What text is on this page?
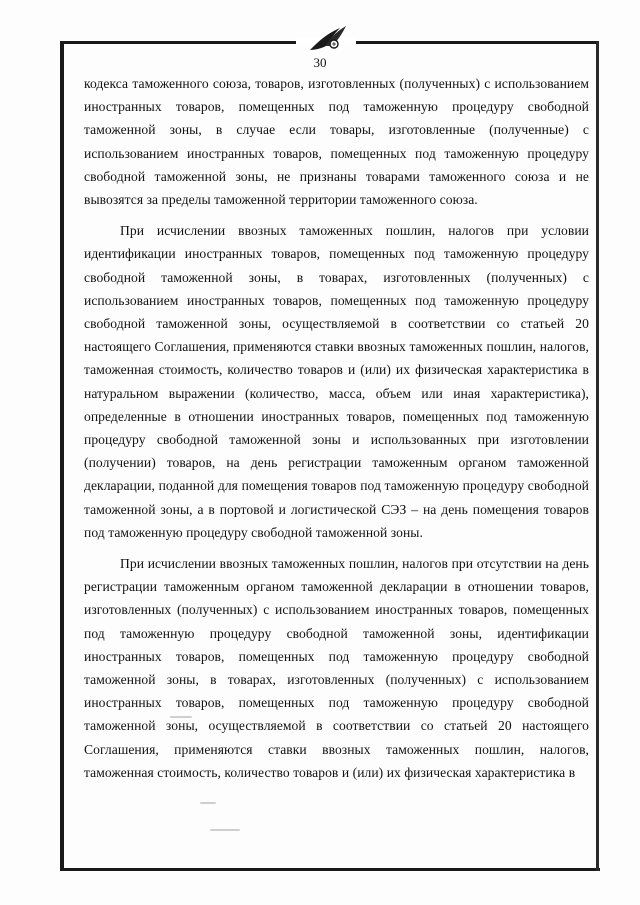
30

кодекса таможенного союза, товаров, изготовленных (полученных) с использованием иностранных товаров, помещенных под таможенную процедуру свободной таможенной зоны, в случае если товары, изготовленные (полученные) с использованием иностранных товаров, помещенных под таможенную процедуру свободной таможенной зоны, не признаны товарами таможенного союза и не вывозятся за пределы таможенной территории таможенного союза.

При исчислении ввозных таможенных пошлин, налогов при условии идентификации иностранных товаров, помещенных под таможенную процедуру свободной таможенной зоны, в товарах, изготовленных (полученных) с использованием иностранных товаров, помещенных под таможенную процедуру свободной таможенной зоны, осуществляемой в соответствии со статьей 20 настоящего Соглашения, применяются ставки ввозных таможенных пошлин, налогов, таможенная стоимость, количество товаров и (или) их физическая характеристика в натуральном выражении (количество, масса, объем или иная характеристика), определенные в отношении иностранных товаров, помещенных под таможенную процедуру свободной таможенной зоны и использованных при изготовлении (получении) товаров, на день регистрации таможенным органом таможенной декларации, поданной для помещения товаров под таможенную процедуру свободной таможенной зоны, а в портовой и логистической СЭЗ – на день помещения товаров под таможенную процедуру свободной таможенной зоны.

При исчислении ввозных таможенных пошлин, налогов при отсутствии на день регистрации таможенным органом таможенной декларации в отношении товаров, изготовленных (полученных) с использованием иностранных товаров, помещенных под таможенную процедуру свободной таможенной зоны, идентификации иностранных товаров, помещенных под таможенную процедуру свободной таможенной зоны, в товарах, изготовленных (полученных) с использованием иностранных товаров, помещенных под таможенную процедуру свободной таможенной зоны, осуществляемой в соответствии со статьей 20 настоящего Соглашения, применяются ставки ввозных таможенных пошлин, налогов, таможенная стоимость, количество товаров и (или) их физическая характеристика в
